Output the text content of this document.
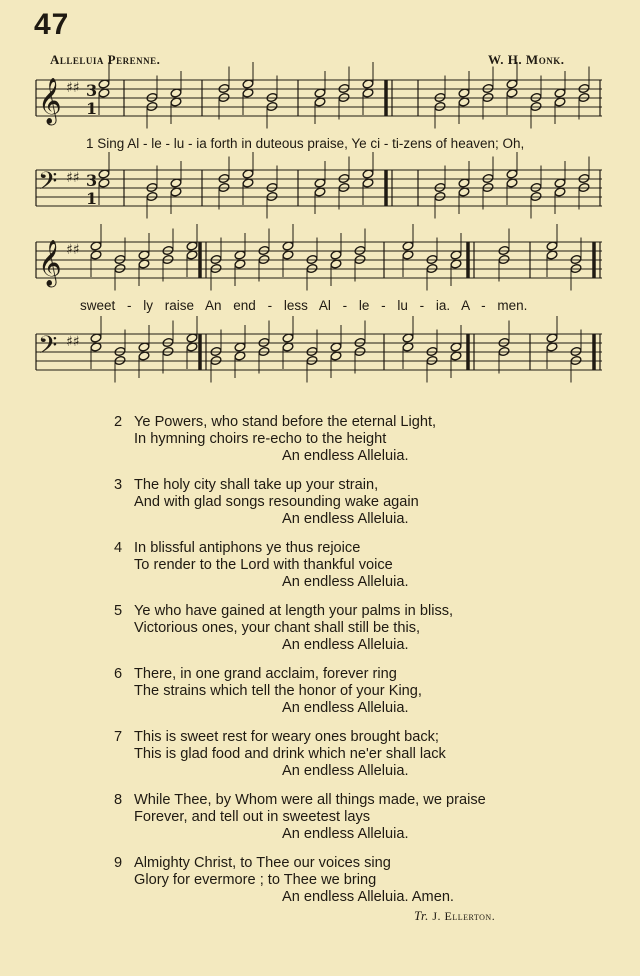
47
Alleluia Perenne.	W. H. Monk.
𝄞 ♯♯ 3
1
𝄢 ♯♯ 3
1
𝄞 ♯♯
𝄢 ♯♯
1 Sing Al - le - lu - ia forth in duteous praise, Ye ci - ti-zens of heaven; Oh,
sweet - ly raise An end - less Al - le - lu - ia. A - men.
2 Ye Powers, who stand before the eternal Light,
In hymning choirs re-echo to the height
An endless Alleluia.
3 The holy city shall take up your strain,
And with glad songs resounding wake again
An endless Alleluia.
4 In blissful antiphons ye thus rejoice
To render to the Lord with thankful voice
An endless Alleluia.
5 Ye who have gained at length your palms in bliss,
Victorious ones, your chant shall still be this,
An endless Alleluia.
6 There, in one grand acclaim, forever ring
The strains which tell the honor of your King,
An endless Alleluia.
7 This is sweet rest for weary ones brought back;
This is glad food and drink which ne'er shall lack
An endless Alleluia.
8 While Thee, by Whom were all things made, we praise
Forever, and tell out in sweetest lays
An endless Alleluia.
9 Almighty Christ, to Thee our voices sing
Glory for evermore ; to Thee we bring
An endless Alleluia. Amen.
Tr. J. Ellerton.
